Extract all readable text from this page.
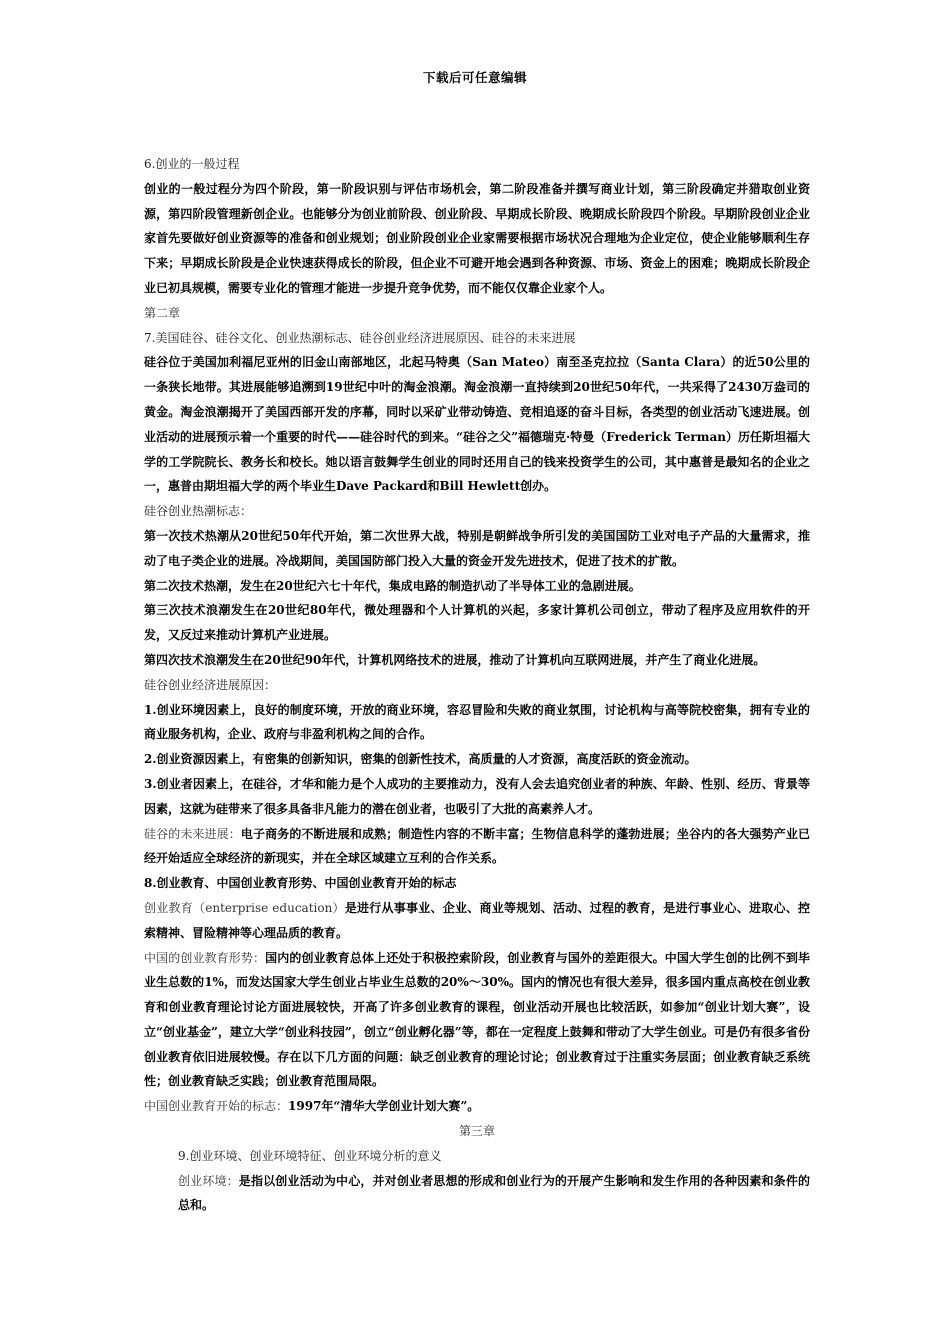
下载后可任意编辑

6.创业的一般过程

创业的一般过程分为四个阶段，第一阶段识别与评估市场机会，第二阶段准备并撰写商业计划，第三阶段确定并猎取创业资源，第四阶段管理新创企业。也能够分为创业前阶段、创业阶段、早期成长阶段、晚期成长阶段四个阶段。早期阶段创业企业家首先要做好创业资源等的准备和创业规划；创业阶段创业企业家需要根据市场状况合理地为企业定位，使企业能够顺利生存下来；早期成长阶段是企业快速获得成长的阶段，但企业不可避开地会遇到各种资源、市场、资金上的困难；晚期成长阶段企业已初具规模，需要专业化的管理才能进一步提升竞争优势，而不能仅仅靠企业家个人。

第二章

7.美国硅谷、硅谷文化、创业热潮标志、硅谷创业经济进展原因、硅谷的未来进展

硅谷位于美国加利福尼亚州的旧金山南部地区，北起马特奥（San Mateo）南至圣克拉拉（Santa Clara）的近50公里的一条狭长地带。其进展能够追溯到19世纪中叶的淘金浪潮。淘金浪潮一直持续到20世纪50年代，一共采得了2430万盎司的黄金。淘金浪潮揭开了美国西部开发的序幕，同时以采矿业带动铸造、竞相追逐的奋斗目标，各类型的创业活动飞速进展。创业活动的进展预示着一个重要的时代——硅谷时代的到来。“硅谷之父”福德瑞克·特曼（Frederick Terman）历任斯坦福大学的工学院院长、教务长和校长。她以语言鼓舞学生创业的同时还用自己的钱来投资学生的公司，其中惠普是最知名的企业之一，惠普由期坦福大学的两个毕业生Dave Packard和Bill Hewlett创办。

硅谷创业热潮标志：

第一次技术热潮从20世纪50年代开始，第二次世界大战，特别是朝鲜战争所引发的美国国防工业对电子产品的大量需求，推动了电子类企业的进展。冷战期间，美国国防部门投入大量的资金开发先进技术，促进了技术的扩散。

第二次技术热潮，发生在20世纪六七十年代，集成电路的制造扒动了半导体工业的急剧进展。

第三次技术浪潮发生在20世纪80年代，微处理器和个人计算机的兴起，多家计算机公司创立，带动了程序及应用软件的开发，又反过来推动计算机产业进展。

第四次技术浪潮发生在20世纪90年代，计算机网络技术的进展，推动了计算机向互联网进展，并产生了商业化进展。

硅谷创业经济进展原因：

1.创业环境因素上，良好的制度环境，开放的商业环境，容忍冒险和失败的商业氛围，讨论机构与高等院校密集，拥有专业的商业服务机构，企业、政府与非盈利机构之间的合作。

2.创业资源因素上，有密集的创新知识，密集的创新性技术，高质量的人才资源，高度活跃的资金流动。

3.创业者因素上，在硅谷，才华和能力是个人成功的主要推动力，没有人会去追究创业者的种族、年龄、性别、经历、背景等因素，这就为硅带来了很多具备非凡能力的潜在创业者，也吸引了大批的高素养人才。

硅谷的未来进展：电子商务的不断进展和成熟；制造性内容的不断丰富；生物信息科学的蓬勃进展；坐谷内的各大强势产业已经开始适应全球经济的新现实，并在全球区域建立互利的合作关系。

8.创业教育、中国创业教育形势、中国创业教育开始的标志

创业教育（enterprise education）是进行从事事业、企业、商业等规划、活动、过程的教育，是进行事业心、进取心、控索精神、冒险精神等心理品质的教育。

中国的创业教育形势：国内的创业教育总体上还处于积极控索阶段，创业教育与国外的差距很大。中国大学生创的比例不到毕业生总数的1%，而发达国家大学生创业占毕业生总数的20%～30%。国内的情况也有很大差异，很多国内重点高校在创业教育和创业教育理论讨论方面进展较快，开高了许多创业教育的课程，创业活动开展也比较活跃，如参加“创业计划大赛”，设立“创业基金”，建立大学“创业科技园”，创立“创业孵化器”等，都在一定程度上鼓舞和带动了大学生创业。可是仍有很多省份创业教育依旧进展较慢。存在以下几方面的问题：缺乏创业教育的理论讨论；创业教育过于注重实务层面；创业教育缺乏系统性；创业教育缺乏实践；创业教育范围局限。

中国创业教育开始的标志：1997年“清华大学创业计划大赛”。

第三章

9.创业环境、创业环境特征、创业环境分析的意义

创业环境：是指以创业活动为中心，并对创业者思想的形成和创业行为的开展产生影响和发生作用的各种因素和条件的总和。
